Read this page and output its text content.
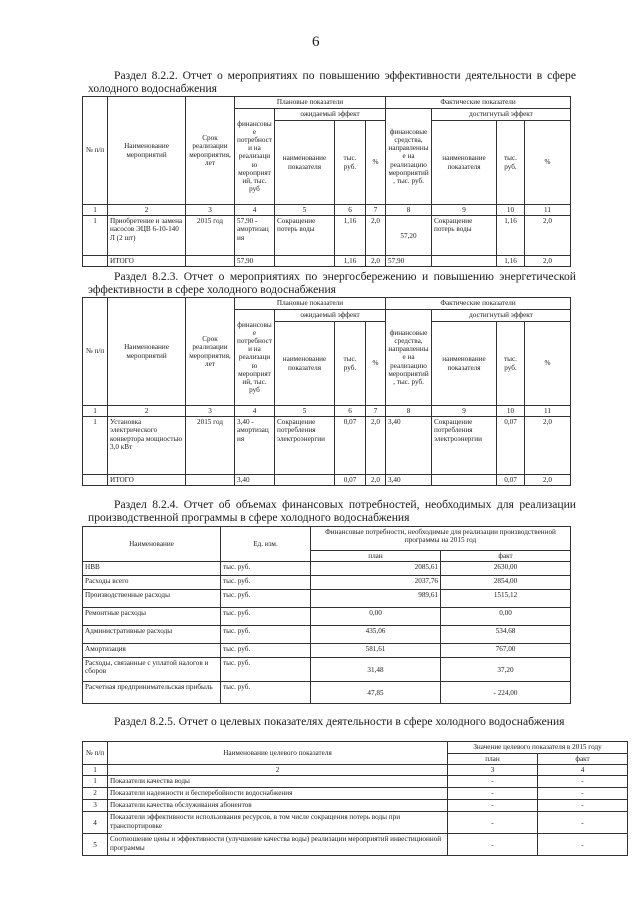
6
Раздел 8.2.2. Отчет о мероприятиях по повышению эффективности деятельности в сфере холодного водоснабжения
№ п/п	Наименование мероприятий	Срок реализации мероприятия, лет	Плановые показатели				Фактические показатели			
			финансовые потребности на реализацию мероприятий, тыс. руб	ожидаемый эффект			финансовые средства, направленные на реализацию мероприятий, тыс. руб.	достигнутый эффект		
				наименование показателя	тыс. руб.	%		наименование показателя	тыс. руб.	%
1	2	3	4	5	6	7	8	9	10	11
1	Приобретение и замена насосов ЭЦВ 6-10-140 Л (2 шт)	2015 год	57,90 - амортизация	Сокращение потерь воды	1,16	2,0	57,20	Сокращение потерь воды	1,16	2,0
	ИТОГО		57,90		1,16	2,0	57,90		1,16	2,0
Раздел 8.2.3. Отчет о мероприятиях по энергосбережению и повышению энергетической эффективности в сфере холодного водоснабжения
№ п/п	Наименование мероприятий	Срок реализации мероприятия, лет	Плановые показатели				Фактические показатели			
			финансовые потребности на реализацию мероприятий, тыс. руб	ожидаемый эффект			финансовые средства, направленные на реализацию мероприятий, тыс. руб.	достигнутый эффект		
				наименование показателя	тыс. руб.	%		наименование показателя	тыс. руб.	%
1	2	3	4	5	6	7	8	9	10	11
1	Установка электрического конвертора мощностью 3,0 кВт	2015 год	3,40 - амортизация	Сокращение потребления электроэнергии	0,07	2,0	3,40	Сокращение потребления электроэнергии	0,07	2,0
	ИТОГО		3,40		0,07	2,0	3,40		0,07	2,0
Раздел 8.2.4. Отчет об объемах финансовых потребностей, необходимых для реализации производственной программы в сфере холодного водоснабжения
Наименование	Ед. изм.	Финансовые потребности, необходимые для реализации производственной программы на 2015 год	
		план	факт
НВВ	тыс. руб.	2085,61	2630,00
Расходы всего	тыс. руб.	2037,76	2854,00
Производственные расходы	тыс. руб.	989,61	1515,12
Ремонтные расходы	тыс. руб.	0,00	0,00
Административные расходы	тыс. руб.	435,06	534,68
Амортизация	тыс. руб.	581,61	767,00
Расходы, связанные с уплатой налогов и сборов	тыс. руб.	31,48	37,20
Расчетная предпринимательская прибыль	тыс. руб.	47,85	- 224,00
Раздел 8.2.5. Отчет о целевых показателях деятельности в сфере холодного водоснабжения
№ п/п	Наименование целевого показателя	Значение целевого показателя в 2015 году	
		план	факт
1	2	3	4
1	Показатели качества воды	-	-
2	Показатели надежности и бесперебойности водоснабжения	-	-
3	Показатели качества обслуживания абонентов	-	-
4	Показатели эффективности использования ресурсов, в том числе сокращения потерь воды при транспортировке	-	-
5	Соотношение цены и эффективности (улучшение качества воды) реализации мероприятий инвестиционной программы	-	-
